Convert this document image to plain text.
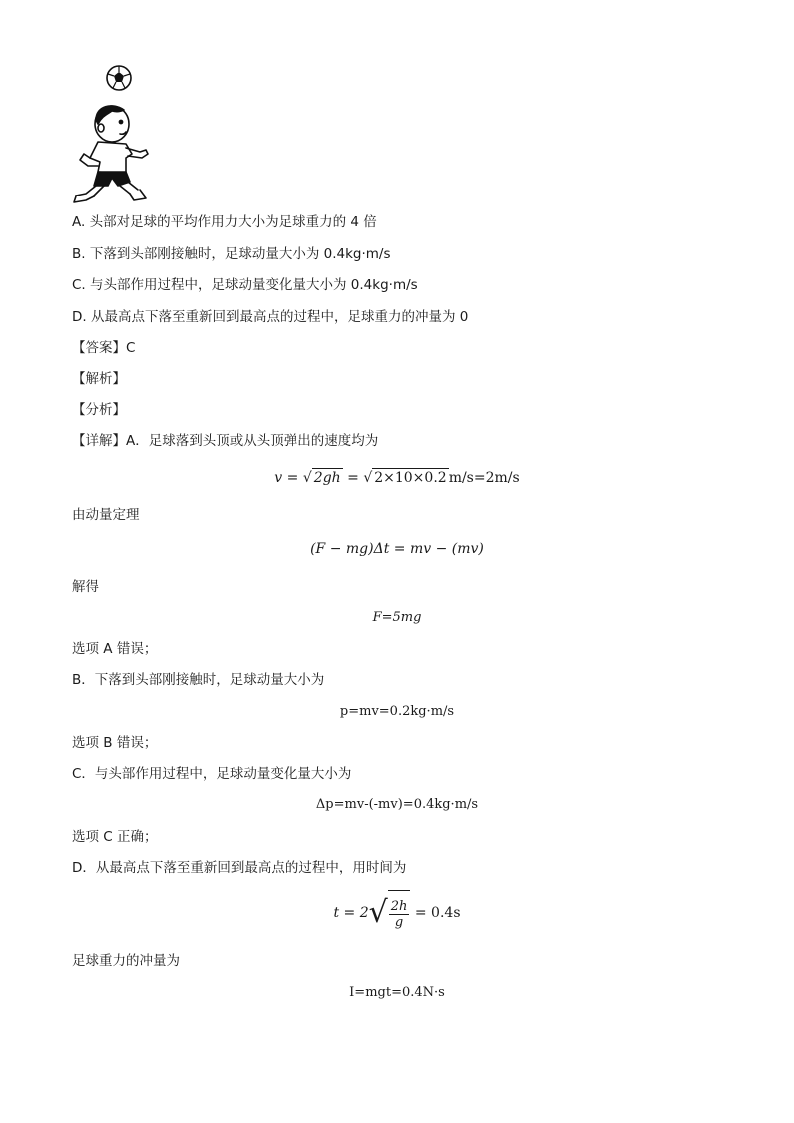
A. 头部对足球的平均作用力大小为足球重力的 4 倍
B. 下落到头部刚接触时，足球动量大小为 0.4kg·m/s
C. 与头部作用过程中，足球动量变化量大小为 0.4kg·m/s
D. 从最高点下落至重新回到最高点的过程中，足球重力的冲量为 0
【答案】C
【解析】
【分析】
【详解】A．足球落到头顶或从头顶弹出的速度均为
v = √ 2gh = √ 2×10×0.2 m/s=2m/s
由动量定理
(F − mg)Δt = mv − (mv)
解得
F=5mg
选项 A 错误；
B．下落到头部刚接触时，足球动量大小为
p=mv=0.2kg·m/s
选项 B 错误；
C．与头部作用过程中，足球动量变化量大小为
Δp=mv-(-mv)=0.4kg·m/s
选项 C 正确；
D．从最高点下落至重新回到最高点的过程中，用时间为
$t = 2√ \frac{2h}{g} = 0.4s$
足球重力的冲量为
I=mgt=0.4N·s
